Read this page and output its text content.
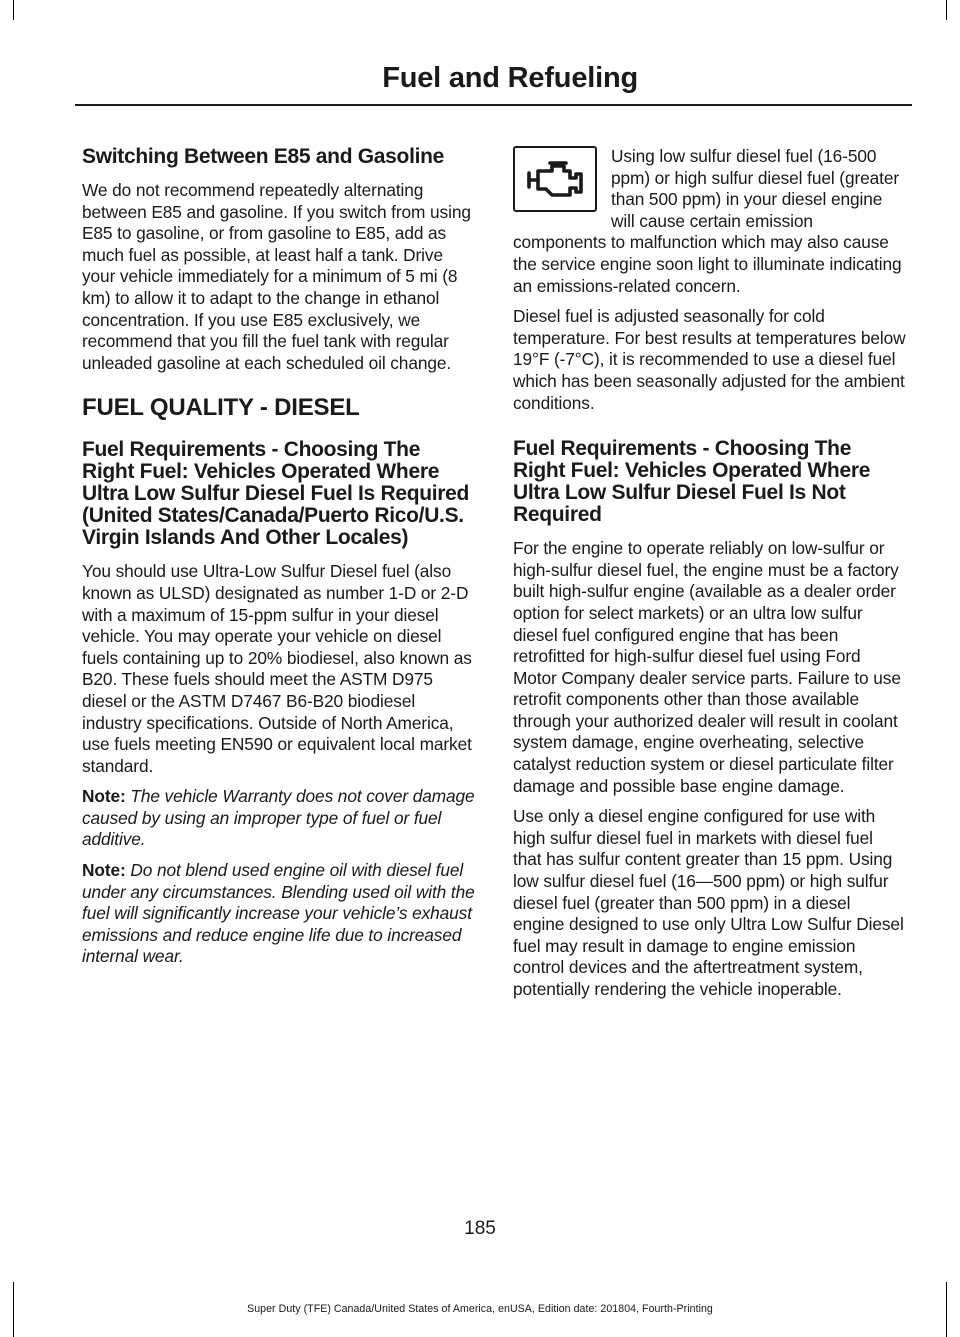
Fuel and Refueling
Switching Between E85 and Gasoline

We do not recommend repeatedly alternating between E85 and gasoline. If you switch from using E85 to gasoline, or from gasoline to E85, add as much fuel as possible, at least half a tank. Drive your vehicle immediately for a minimum of 5 mi (8 km) to allow it to adapt to the change in ethanol concentration. If you use E85 exclusively, we recommend that you fill the fuel tank with regular unleaded gasoline at each scheduled oil change.

FUEL QUALITY - DIESEL
Fuel Requirements - Choosing The Right Fuel: Vehicles Operated Where Ultra Low Sulfur Diesel Fuel Is Required (United States/Canada/Puerto Rico/U.S. Virgin Islands And Other Locales)

You should use Ultra-Low Sulfur Diesel fuel (also known as ULSD) designated as number 1-D or 2-D with a maximum of 15-ppm sulfur in your diesel vehicle. You may operate your vehicle on diesel fuels containing up to 20% biodiesel, also known as B20. These fuels should meet the ASTM D975 diesel or the ASTM D7467 B6-B20 biodiesel industry specifications. Outside of North America, use fuels meeting EN590 or equivalent local market standard.

Note: The vehicle Warranty does not cover damage caused by using an improper type of fuel or fuel additive.

Note: Do not blend used engine oil with diesel fuel under any circumstances. Blending used oil with the fuel will significantly increase your vehicle’s exhaust emissions and reduce engine life due to increased internal wear.

Using low sulfur diesel fuel (16-500 ppm) or high sulfur diesel fuel (greater than 500 ppm) in your diesel engine will cause certain emission components to malfunction which may also cause the service engine soon light to illuminate indicating an emissions-related concern.

Diesel fuel is adjusted seasonally for cold temperature. For best results at temperatures below 19°F (-7°C), it is recommended to use a diesel fuel which has been seasonally adjusted for the ambient conditions.

Fuel Requirements - Choosing The Right Fuel: Vehicles Operated Where Ultra Low Sulfur Diesel Fuel Is Not Required

For the engine to operate reliably on low-sulfur or high-sulfur diesel fuel, the engine must be a factory built high-sulfur engine (available as a dealer order option for select markets) or an ultra low sulfur diesel fuel configured engine that has been retrofitted for high-sulfur diesel fuel using Ford Motor Company dealer service parts. Failure to use retrofit components other than those available through your authorized dealer will result in coolant system damage, engine overheating, selective catalyst reduction system or diesel particulate filter damage and possible base engine damage.

Use only a diesel engine configured for use with high sulfur diesel fuel in markets with diesel fuel that has sulfur content greater than 15 ppm. Using low sulfur diesel fuel (16—500 ppm) or high sulfur diesel fuel (greater than 500 ppm) in a diesel engine designed to use only Ultra Low Sulfur Diesel fuel may result in damage to engine emission control devices and the aftertreatment system, potentially rendering the vehicle inoperable.

185
Super Duty (TFE) Canada/United States of America, enUSA, Edition date: 201804, Fourth-Printing
